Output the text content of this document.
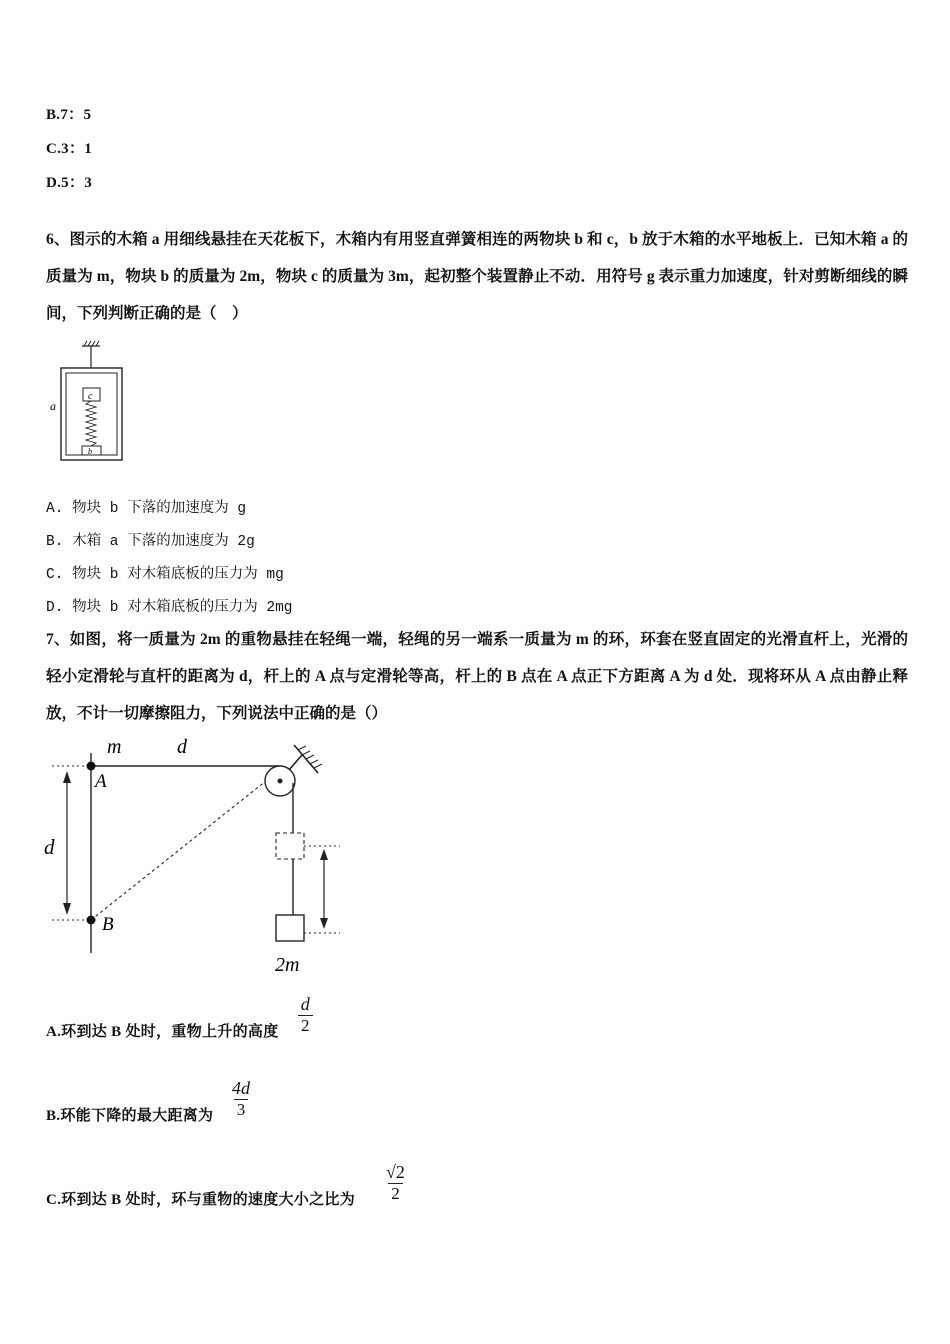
B.7：5
C.3：1
D.5：3
6、图示的木箱 a 用细线悬挂在天花板下，木箱内有用竖直弹簧相连的两物块 b 和 c，b 放于木箱的水平地板上．已知木箱 a 的质量为 m，物块 b 的质量为 2m，物块 c 的质量为 3m，起初整个装置静止不动．用符号 g 表示重力加速度，针对剪断细线的瞬间，下列判断正确的是（　）
a
c
b
A. 物块 b 下落的加速度为 g
B. 木箱 a 下落的加速度为 2g
C. 物块 b 对木箱底板的压力为 mg
D. 物块 b 对木箱底板的压力为 2mg
7、如图，将一质量为 2m 的重物悬挂在轻绳一端，轻绳的另一端系一质量为 m 的环，环套在竖直固定的光滑直杆上，光滑的轻小定滑轮与直杆的距离为 d，杆上的 A 点与定滑轮等高，杆上的 B 点在 A 点正下方距离 A 为 d 处．现将环从 A 点由静止释放，不计一切摩擦阻力，下列说法中正确的是（）
m	d
A
d
B
2m
A.环到达 B 处时，重物上升的高度 $\frac{d}{2}$
B.环能下降的最大距离为 $\frac{4d}{3}$
C.环到达 B 处时，环与重物的速度大小之比为 $\frac{√2}{2}$
